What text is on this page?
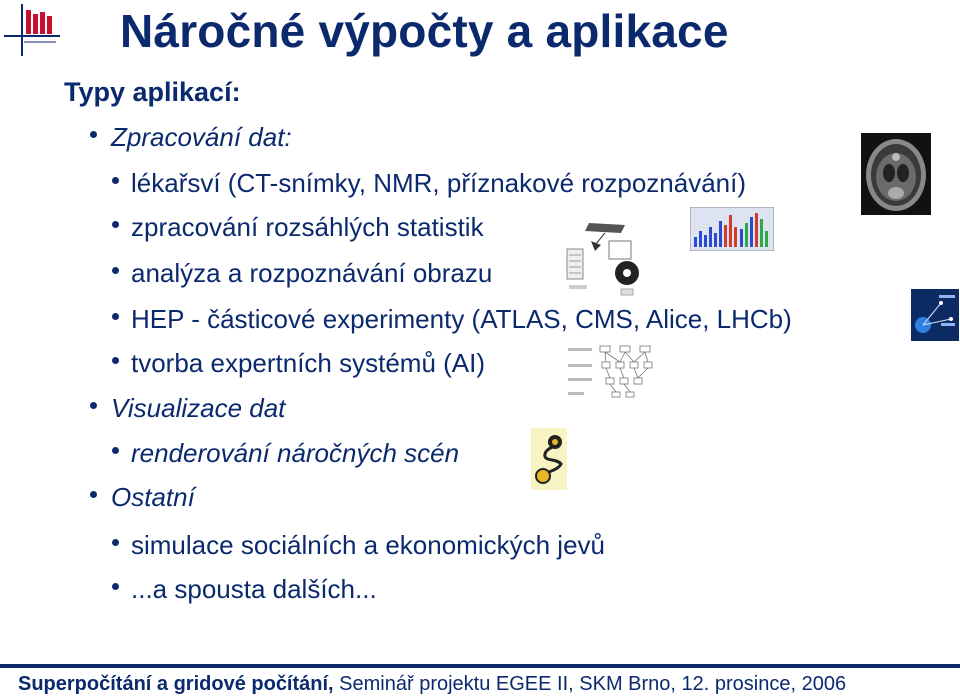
Náročné výpočty a aplikace
Typy aplikací:
Zpracování dat:
lékařsví (CT-snímky, NMR, příznakové rozpoznávání)
zpracování rozsáhlých statistik
analýza a rozpoznávání obrazu
HEP - částicové experimenty (ATLAS, CMS, Alice, LHCb)
tvorba expertních systémů (AI)
Visualizace dat
renderování náročných scén
Ostatní
simulace sociálních a ekonomických jevů
...a spousta dalších...
Superpočítání a gridové počítání, Seminář projektu EGEE II, SKM Brno, 12. prosince, 2006
